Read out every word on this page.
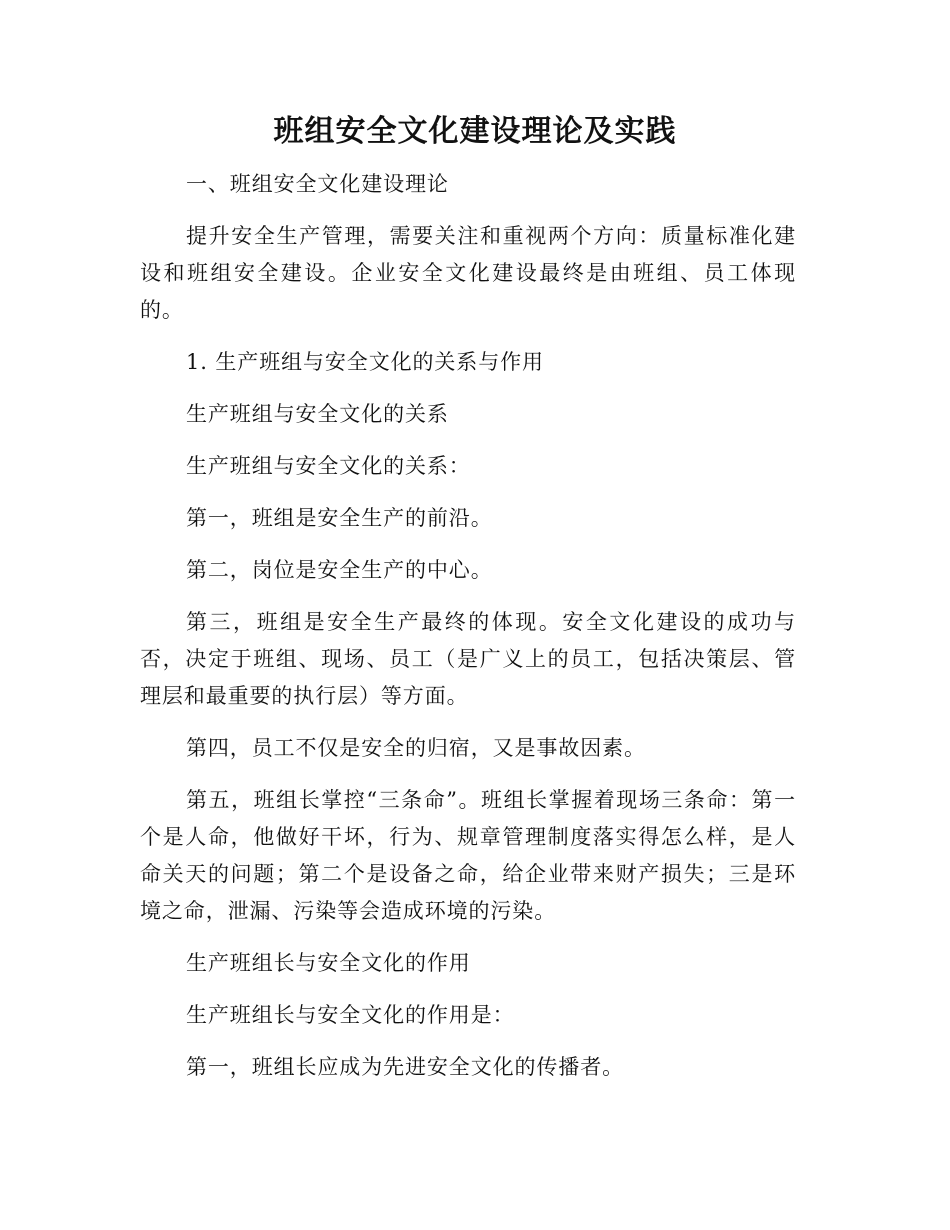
班组安全文化建设理论及实践

一、班组安全文化建设理论

提升安全生产管理，需要关注和重视两个方向：质量标准化建设和班组安全建设。企业安全文化建设最终是由班组、员工体现的。

1. 生产班组与安全文化的关系与作用

生产班组与安全文化的关系

生产班组与安全文化的关系：

第一，班组是安全生产的前沿。

第二，岗位是安全生产的中心。

第三，班组是安全生产最终的体现。安全文化建设的成功与否，决定于班组、现场、员工（是广义上的员工，包括决策层、管理层和最重要的执行层）等方面。

第四，员工不仅是安全的归宿，又是事故因素。

第五，班组长掌控“三条命”。班组长掌握着现场三条命：第一个是人命，他做好干坏，行为、规章管理制度落实得怎么样，是人命关天的问题；第二个是设备之命，给企业带来财产损失；三是环境之命，泄漏、污染等会造成环境的污染。

生产班组长与安全文化的作用

生产班组长与安全文化的作用是：

第一，班组长应成为先进安全文化的传播者。
